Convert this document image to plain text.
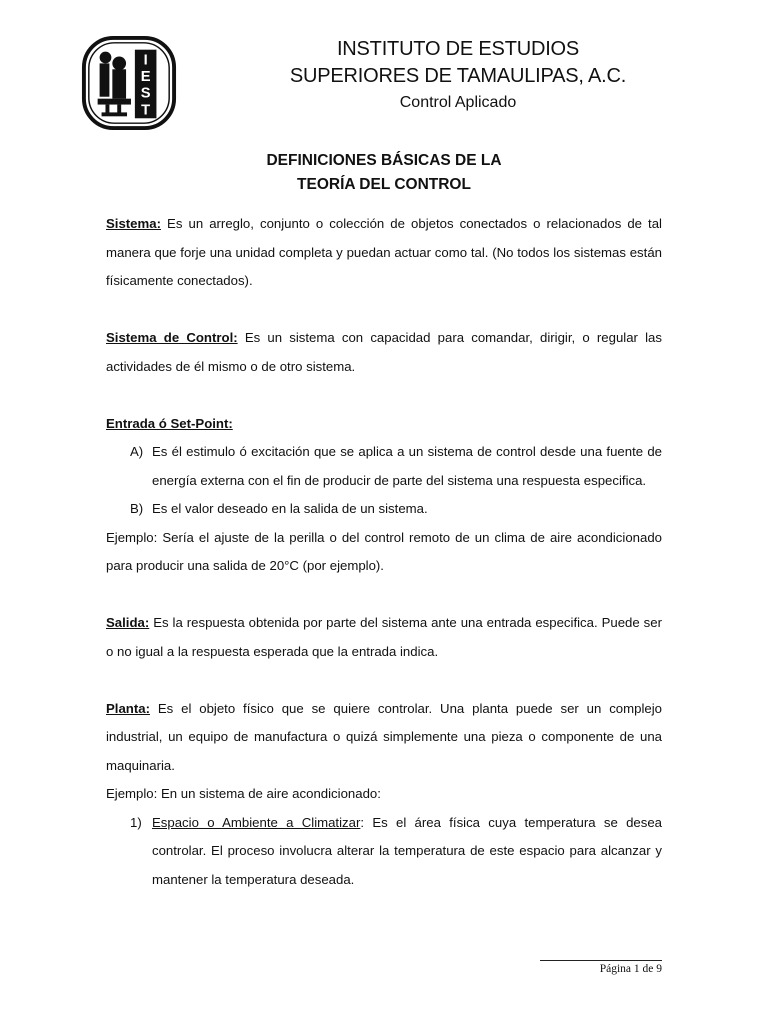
I
E
S
T
INSTITUTO DE ESTUDIOS
SUPERIORES DE TAMAULIPAS, A.C.
Control Aplicado
DEFINICIONES BÁSICAS DE LA
TEORÍA DEL CONTROL

Sistema: Es un arreglo, conjunto o colección de objetos conectados o relacionados de tal manera que forje una unidad completa y puedan actuar como tal. (No todos los sistemas están físicamente conectados).

Sistema de Control: Es un sistema con capacidad para comandar, dirigir, o regular las actividades de él mismo o de otro sistema.

Entrada ó Set-Point:

A) Es él estimulo ó excitación que se aplica a un sistema de control desde una fuente de energía externa con el fin de producir de parte del sistema una respuesta especifica.
B) Es el valor deseado en la salida de un sistema.

Ejemplo: Sería el ajuste de la perilla o del control remoto de un clima de aire acondicionado para producir una salida de 20°C (por ejemplo).

Salida: Es la respuesta obtenida por parte del sistema ante una entrada especifica. Puede ser o no igual a la respuesta esperada que la entrada indica.

Planta: Es el objeto físico que se quiere controlar. Una planta puede ser un complejo industrial, un equipo de manufactura o quizá simplemente una pieza o componente de una maquinaria.

Ejemplo: En un sistema de aire acondicionado:

1) Espacio o Ambiente a Climatizar: Es el área física cuya temperatura se desea controlar. El proceso involucra alterar la temperatura de este espacio para alcanzar y mantener la temperatura deseada.
Página 1 de 9
